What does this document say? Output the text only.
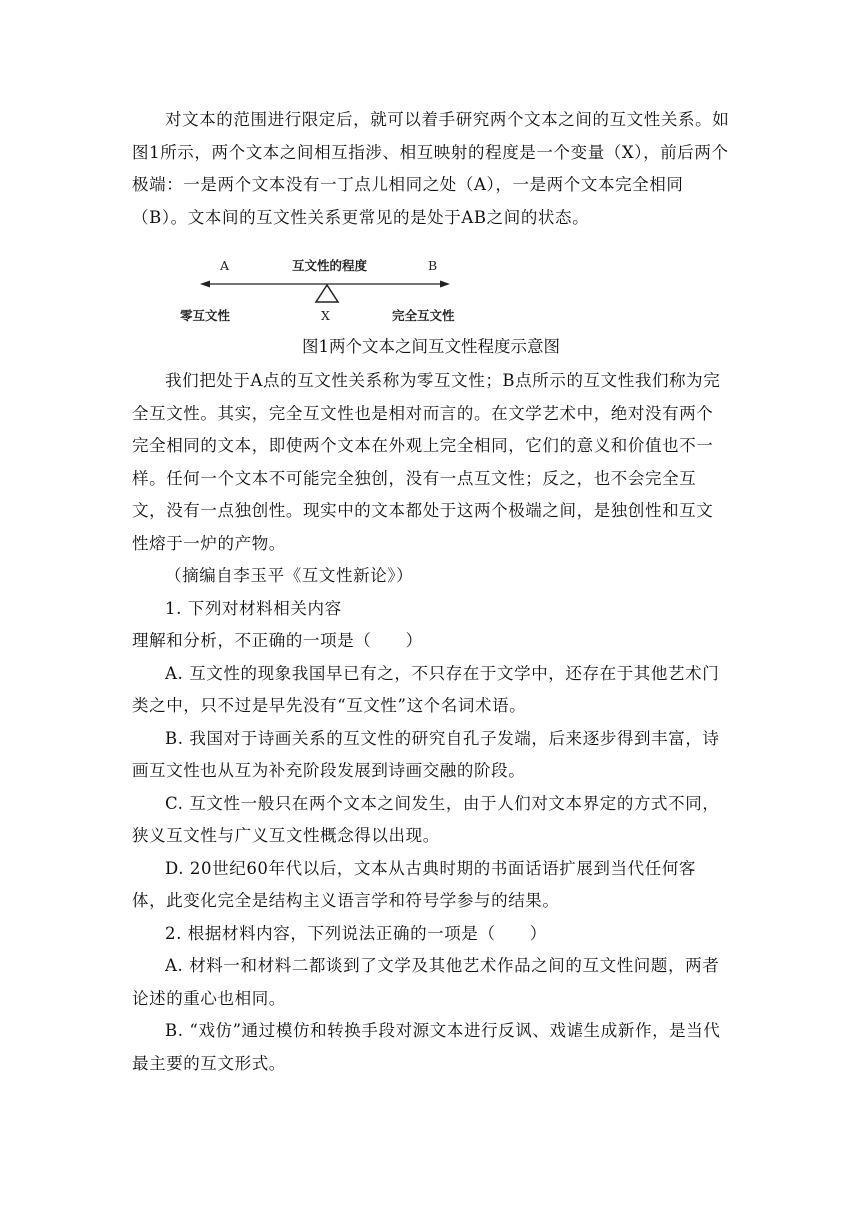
对文本的范围进行限定后，就可以着手研究两个文本之间的互文性关系。如图1所示，两个文本之间相互指涉、相互映射的程度是一个变量（X），前后两个极端：一是两个文本没有一丁点儿相同之处（A），一是两个文本完全相同（B）。文本间的互文性关系更常见的是处于AB之间的状态。

A	互文性的程度	B
零互文性	X	完全互文性
图1两个文本之间互文性程度示意图

我们把处于A点的互文性关系称为零互文性；B点所示的互文性我们称为完全互文性。其实，完全互文性也是相对而言的。在文学艺术中，绝对没有两个完全相同的文本，即使两个文本在外观上完全相同，它们的意义和价值也不一样。任何一个文本不可能完全独创，没有一点互文性；反之，也不会完全互文，没有一点独创性。现实中的文本都处于这两个极端之间，是独创性和互文性熔于一炉的产物。

（摘编自李玉平《互文性新论》）

1. 下列对材料相关内容

理解和分析，不正确的一项是（　　）

A. 互文性的现象我国早已有之，不只存在于文学中，还存在于其他艺术门类之中，只不过是早先没有“互文性”这个名词术语。

B. 我国对于诗画关系的互文性的研究自孔子发端，后来逐步得到丰富，诗画互文性也从互为补充阶段发展到诗画交融的阶段。

C. 互文性一般只在两个文本之间发生，由于人们对文本界定的方式不同，狭义互文性与广义互文性概念得以出现。

D. 20世纪60年代以后，文本从古典时期的书面话语扩展到当代任何客体，此变化完全是结构主义语言学和符号学参与的结果。

2. 根据材料内容，下列说法正确的一项是（　　）

A. 材料一和材料二都谈到了文学及其他艺术作品之间的互文性问题，两者论述的重心也相同。

B. “戏仿”通过模仿和转换手段对源文本进行反讽、戏谑生成新作，是当代最主要的互文形式。
